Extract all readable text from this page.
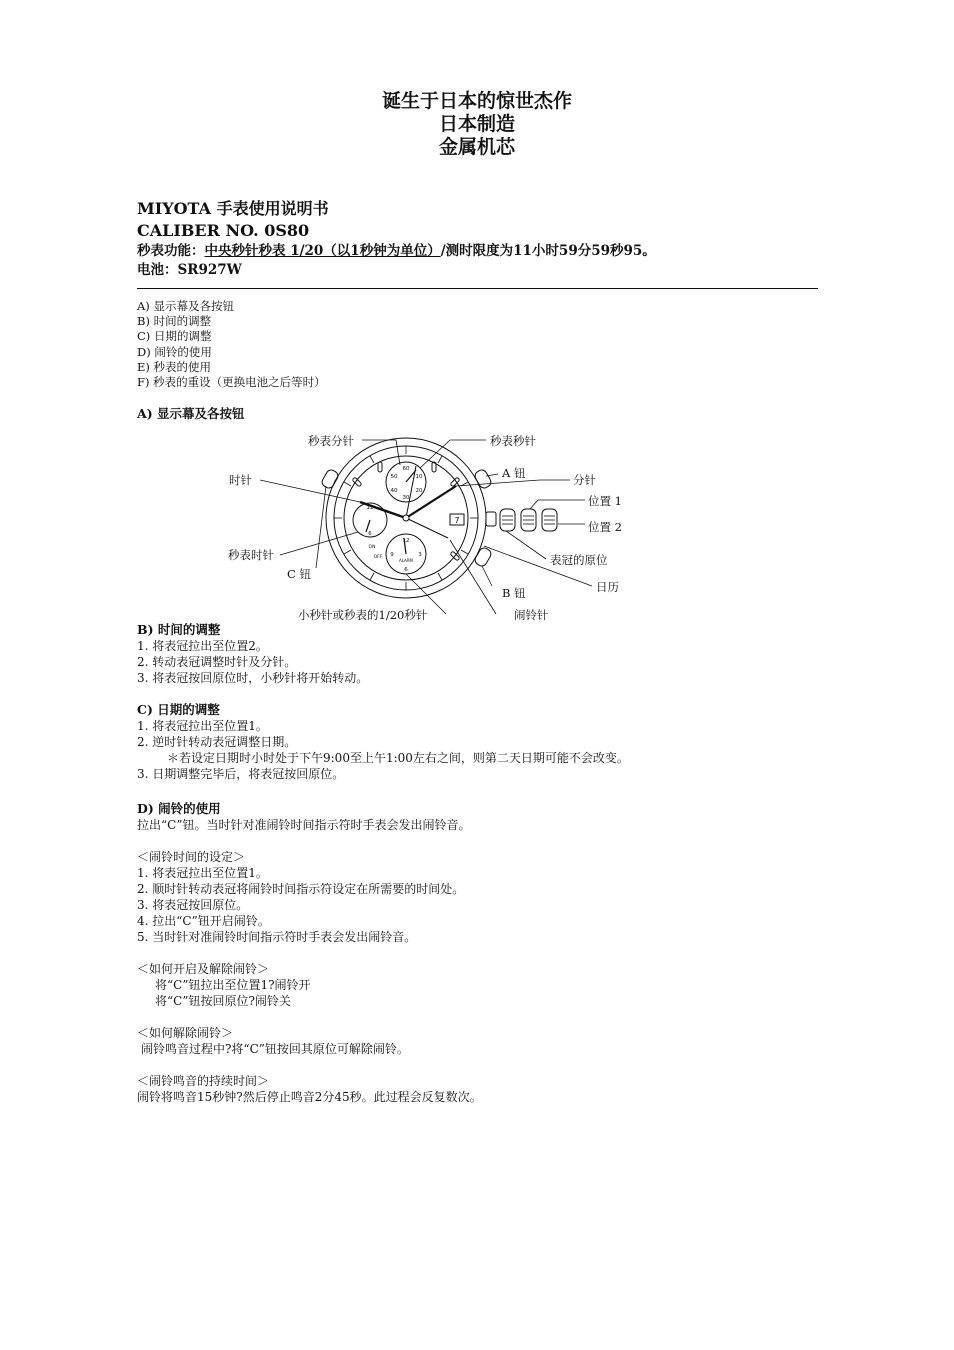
诞生于日本的惊世杰作
日本制造
金属机芯
MIYOTA 手表使用说明书
CALIBER NO. 0S80
秒表功能：中央秒针秒表 1/20（以1秒钟为单位）/测时限度为11小时59分59秒95。
电池：SR927W
A) 显示幕及各按钮
B) 时间的调整
C) 日期的调整
D) 闹铃的使用
E) 秒表的使用
F) 秒表的重设（更换电池之后等时）
A) 显示幕及各按钮
60
10
50
20
40
30
12
6
12
3
9
6
ALARM
ON
OFF
7
秒表分针	秒表秒针
时针	A 钮	分针
位置 1
位置 2
秒表时针
C 钮
表冠的原位
日历
B 钮
小秒针或秒表的1/20秒针	闹铃针
B) 时间的调整
1. 将表冠拉出至位置2。
2. 转动表冠调整时针及分针。
3. 将表冠按回原位时，小秒针将开始转动。
C) 日期的调整
1. 将表冠拉出至位置1。
2. 逆时针转动表冠调整日期。
＊若设定日期时小时处于下午9:00至上午1:00左右之间，则第二天日期可能不会改变。
3. 日期调整完毕后，将表冠按回原位。
D) 闹铃的使用
拉出“C”钮。当时针对准闹铃时间指示符时手表会发出闹铃音。
＜闹铃时间的设定＞
1. 将表冠拉出至位置1。
2. 顺时针转动表冠将闹铃时间指示符设定在所需要的时间处。
3. 将表冠按回原位。
4. 拉出“C”钮开启闹铃。
5. 当时针对准闹铃时间指示符时手表会发出闹铃音。
＜如何开启及解除闹铃＞
将“C”钮拉出至位置1?闹铃开
将“C”钮按回原位?闹铃关
＜如何解除闹铃＞
闹铃鸣音过程中?将“C”钮按回其原位可解除闹铃。
＜闹铃鸣音的持续时间＞
闹铃将鸣音15秒钟?然后停止鸣音2分45秒。此过程会反复数次。
